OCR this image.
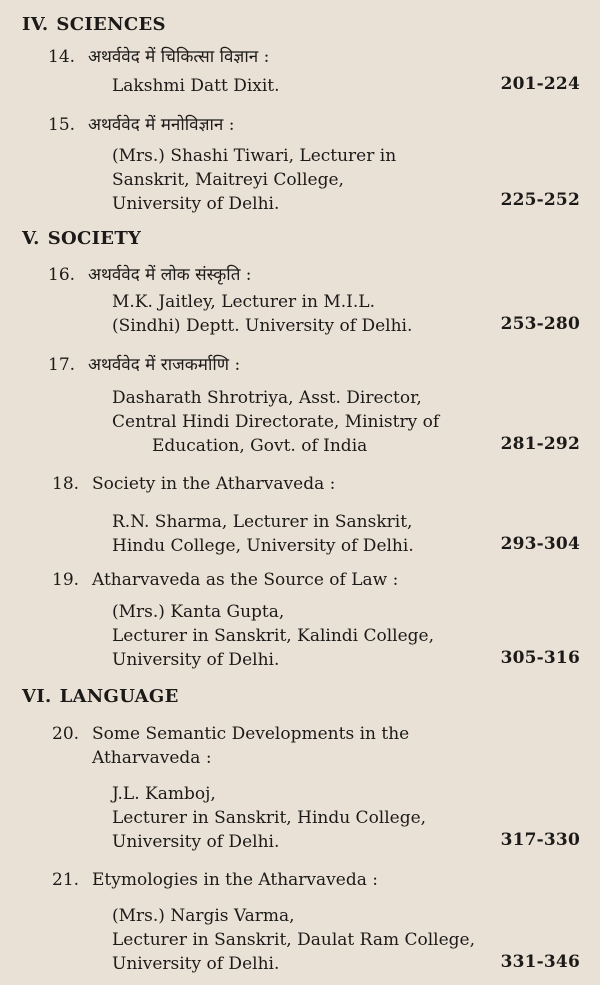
IV. SCIENCES
14. अथर्ववेद में चिकित्सा विज्ञान :
Lakshmi Datt Dixit.	201-224
15. अथर्ववेद में मनोविज्ञान :
(Mrs.) Shashi Tiwari, Lecturer in
Sanskrit, Maitreyi College,
University of Delhi.	225-252
V. SOCIETY
16. अथर्ववेद में लोक संस्कृति :
M.K. Jaitley, Lecturer in M.I.L.
(Sindhi) Deptt. University of Delhi.	253-280
17. अथर्ववेद में राजकर्माणि :
Dasharath Shrotriya, Asst. Director,
Central Hindi Directorate, Ministry of
Education, Govt. of India	281-292
18. Society in the Atharvaveda :
R.N. Sharma, Lecturer in Sanskrit,
Hindu College, University of Delhi.	293-304
19. Atharvaveda as the Source of Law :
(Mrs.) Kanta Gupta,
Lecturer in Sanskrit, Kalindi College,
University of Delhi.	305-316
VI. LANGUAGE
20. Some Semantic Developments in the
Atharvaveda :
J.L. Kamboj,
Lecturer in Sanskrit, Hindu College,
University of Delhi.	317-330
21. Etymologies in the Atharvaveda :
(Mrs.) Nargis Varma,
Lecturer in Sanskrit, Daulat Ram College,
University of Delhi.	331-346
